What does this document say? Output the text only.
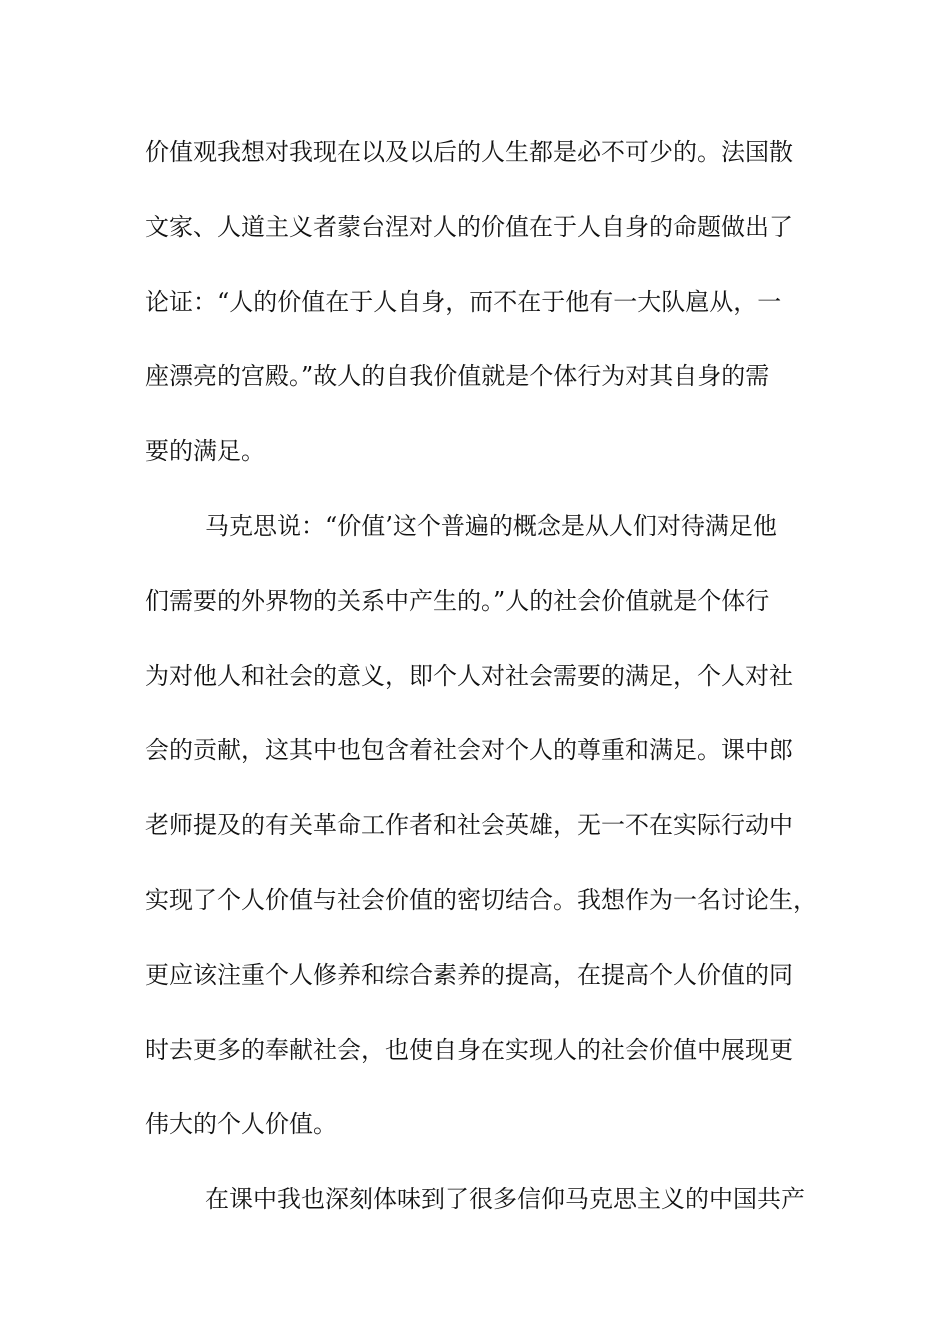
价值观我想对我现在以及以后的人生都是必不可少的。法国散
文家、人道主义者蒙台涅对人的价值在于人自身的命题做出了
论证：“人的价值在于人自身，而不在于他有一大队扈从，一
座漂亮的宫殿。”故人的自我价值就是个体行为对其自身的需
要的满足。
马克思说：“价值’这个普遍的概念是从人们对待满足他
们需要的外界物的关系中产生的。”人的社会价值就是个体行
为对他人和社会的意义，即个人对社会需要的满足，个人对社
会的贡献，这其中也包含着社会对个人的尊重和满足。课中郎
老师提及的有关革命工作者和社会英雄，无一不在实际行动中
实现了个人价值与社会价值的密切结合。我想作为一名讨论生，
更应该注重个人修养和综合素养的提高，在提高个人价值的同
时去更多的奉献社会，也使自身在实现人的社会价值中展现更
伟大的个人价值。
在课中我也深刻体味到了很多信仰马克思主义的中国共产
